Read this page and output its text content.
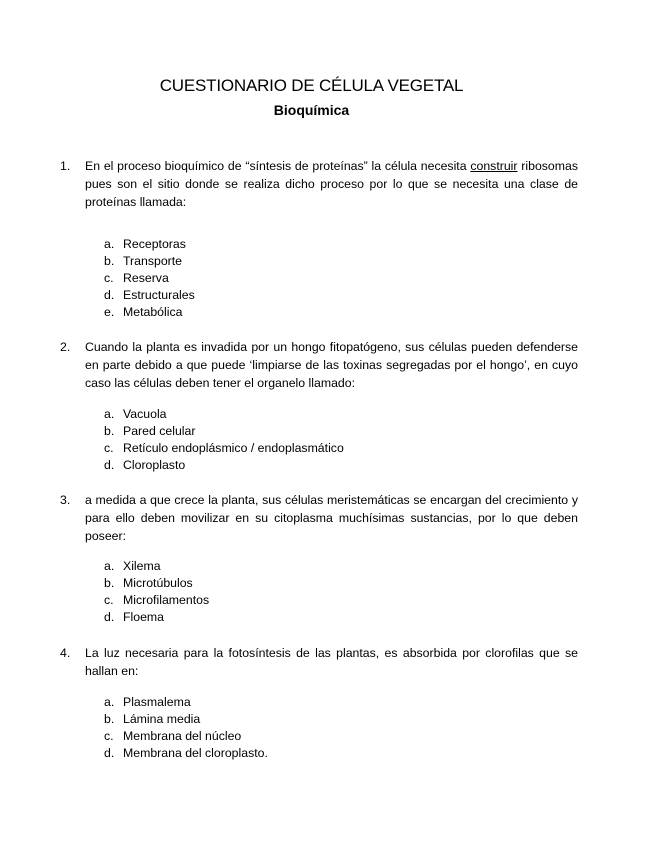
CUESTIONARIO DE CÉLULA VEGETAL
Bioquímica
1.	En el proceso bioquímico de “síntesis de proteínas” la célula necesita construir ribosomas pues son el sitio donde se realiza dicho proceso por lo que se necesita una clase de proteínas llamada:
a. Receptoras
b. Transporte
c. Reserva
d. Estructurales
e. Metabólica
2.	Cuando la planta es invadida por un hongo fitopatógeno, sus células pueden defenderse en parte debido a que puede ‘limpiarse de las toxinas segregadas por el hongo’, en cuyo caso las células deben tener el organelo llamado:
a. Vacuola
b. Pared celular
c. Retículo endoplásmico / endoplasmático
d. Cloroplasto
3.	a medida a que crece la planta, sus células meristemáticas se encargan del crecimiento y para ello deben movilizar en su citoplasma muchísimas sustancias, por lo que deben poseer:
a. Xilema
b. Microtúbulos
c. Microfilamentos
d. Floema
4.	La luz necesaria para la fotosíntesis de las plantas, es absorbida por clorofilas que se hallan en:
a. Plasmalema
b. Lámina media
c. Membrana del núcleo
d. Membrana del cloroplasto.
